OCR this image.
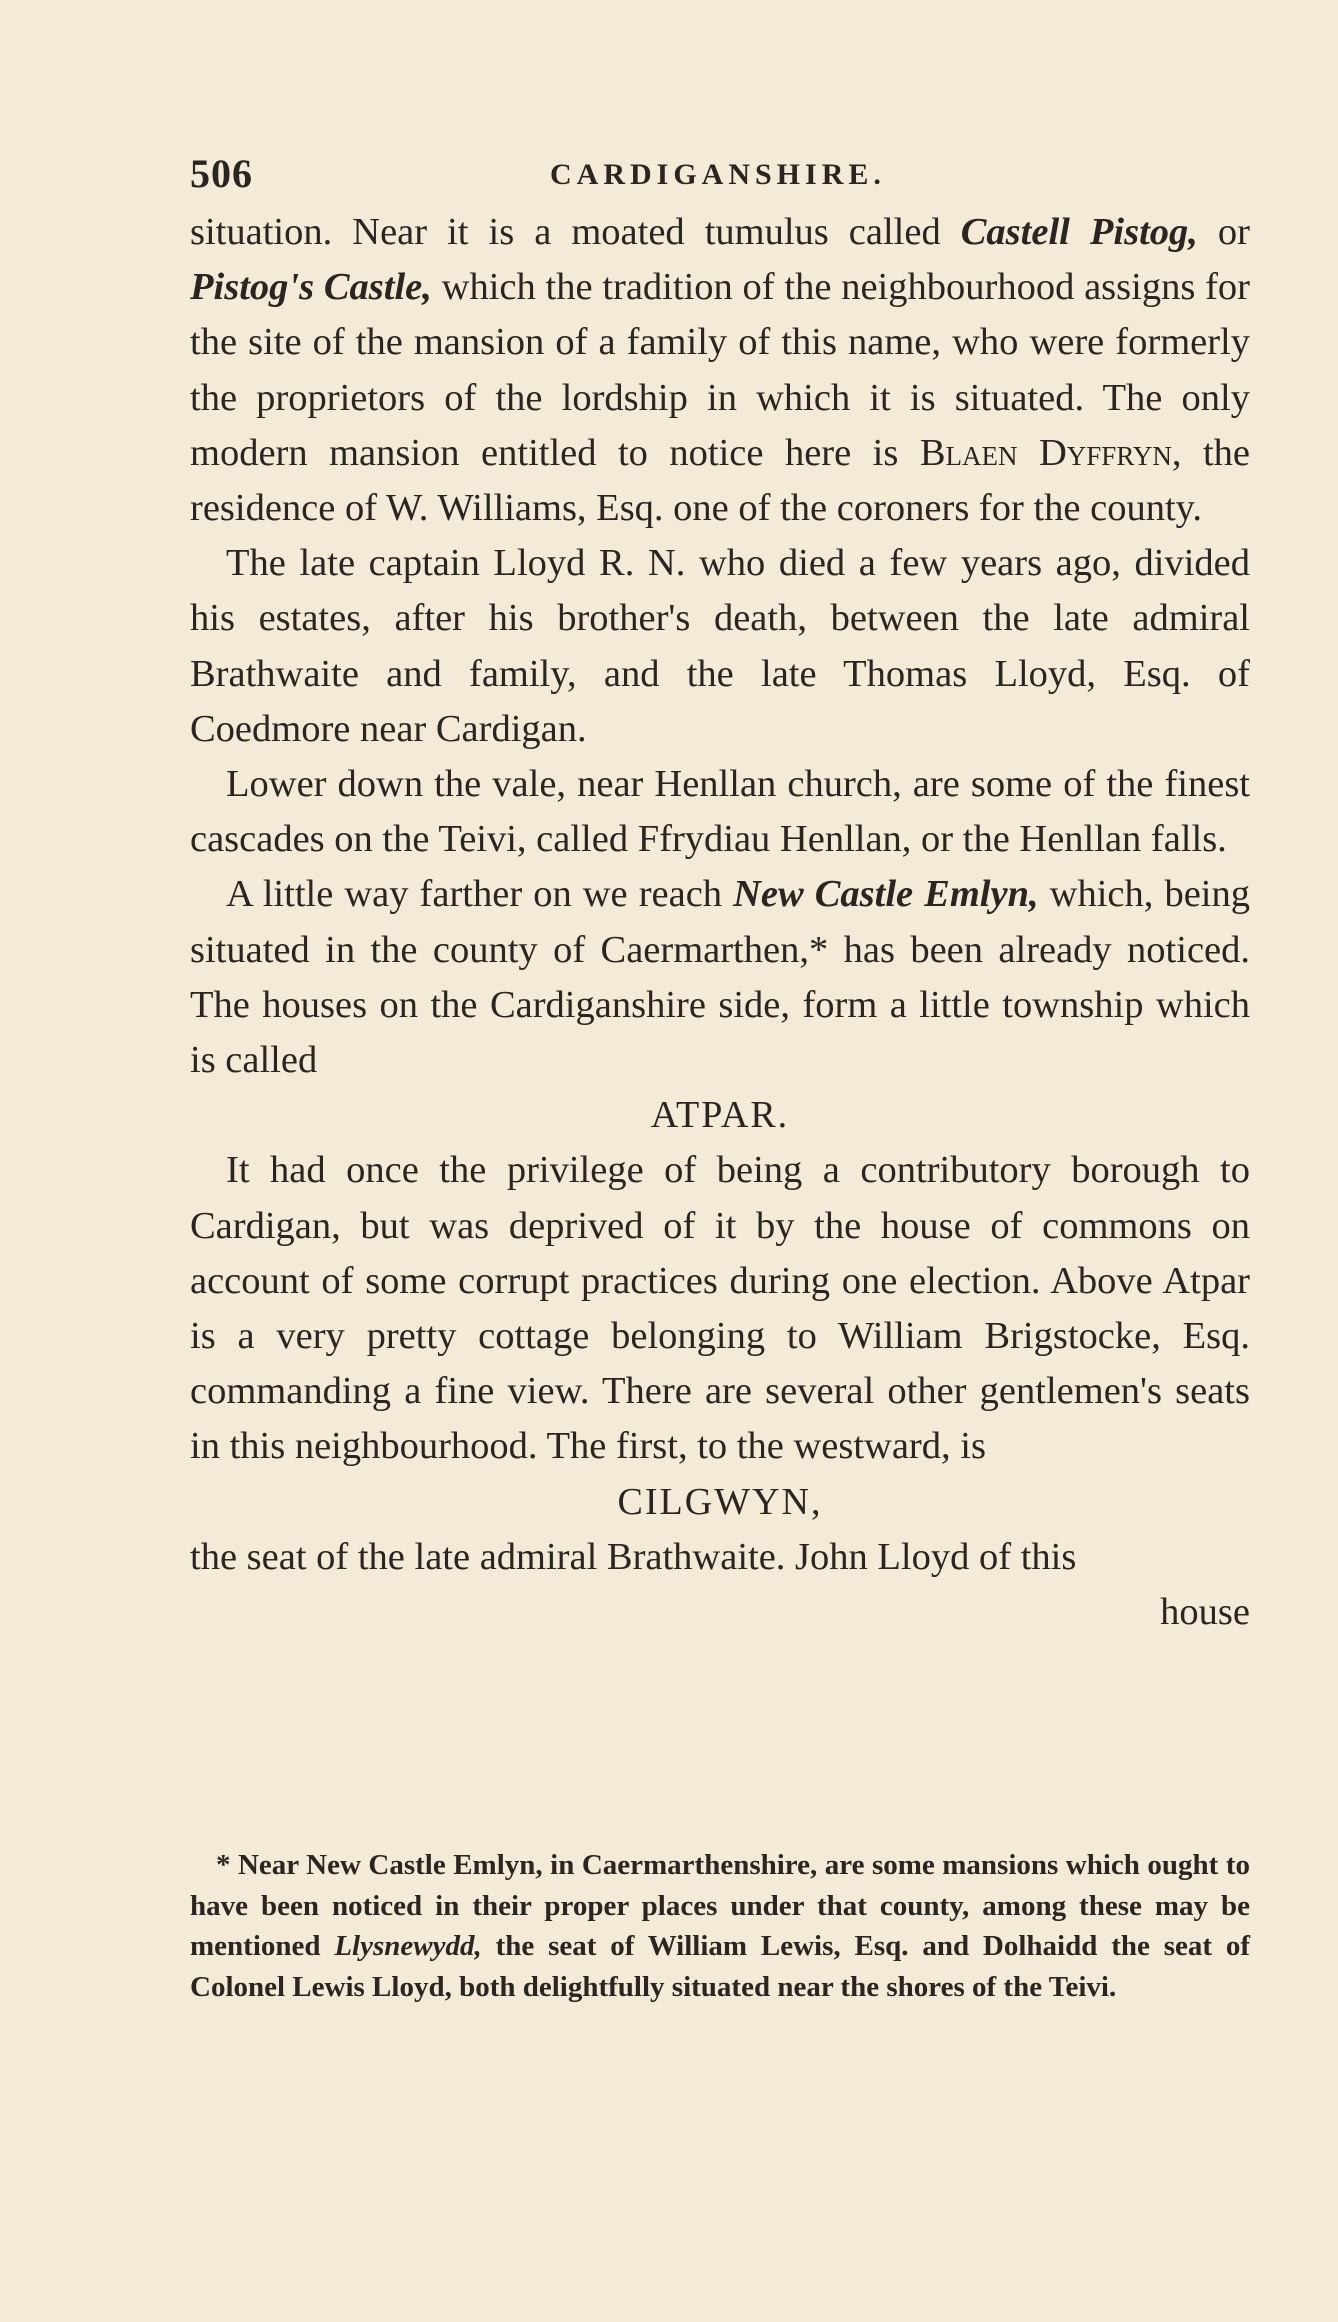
506	CARDIGANSHIRE.

situation. Near it is a moated tumulus called Castell Pistog, or Pistog's Castle, which the tradition of the neighbourhood assigns for the site of the mansion of a family of this name, who were formerly the proprietors of the lordship in which it is situated. The only modern mansion entitled to notice here is Blaen Dyffryn, the residence of W. Williams, Esq. one of the coroners for the county.

The late captain Lloyd R. N. who died a few years ago, divided his estates, after his brother's death, between the late admiral Brathwaite and family, and the late Thomas Lloyd, Esq. of Coedmore near Cardigan.

Lower down the vale, near Henllan church, are some of the finest cascades on the Teivi, called Ffrydiau Henllan, or the Henllan falls.

A little way farther on we reach New Castle Emlyn, which, being situated in the county of Caermarthen,* has been already noticed. The houses on the Cardiganshire side, form a little township which is called

ATPAR.

It had once the privilege of being a contributory borough to Cardigan, but was deprived of it by the house of commons on account of some corrupt practices during one election. Above Atpar is a very pretty cottage belonging to William Brigstocke, Esq. commanding a fine view. There are several other gentlemen's seats in this neighbourhood. The first, to the westward, is

CILGWYN,

the seat of the late admiral Brathwaite. John Lloyd of this

house

* Near New Castle Emlyn, in Caermarthenshire, are some mansions which ought to have been noticed in their proper places under that county, among these may be mentioned Llysnewydd, the seat of William Lewis, Esq. and Dolhaidd the seat of Colonel Lewis Lloyd, both delightfully situated near the shores of the Teivi.
